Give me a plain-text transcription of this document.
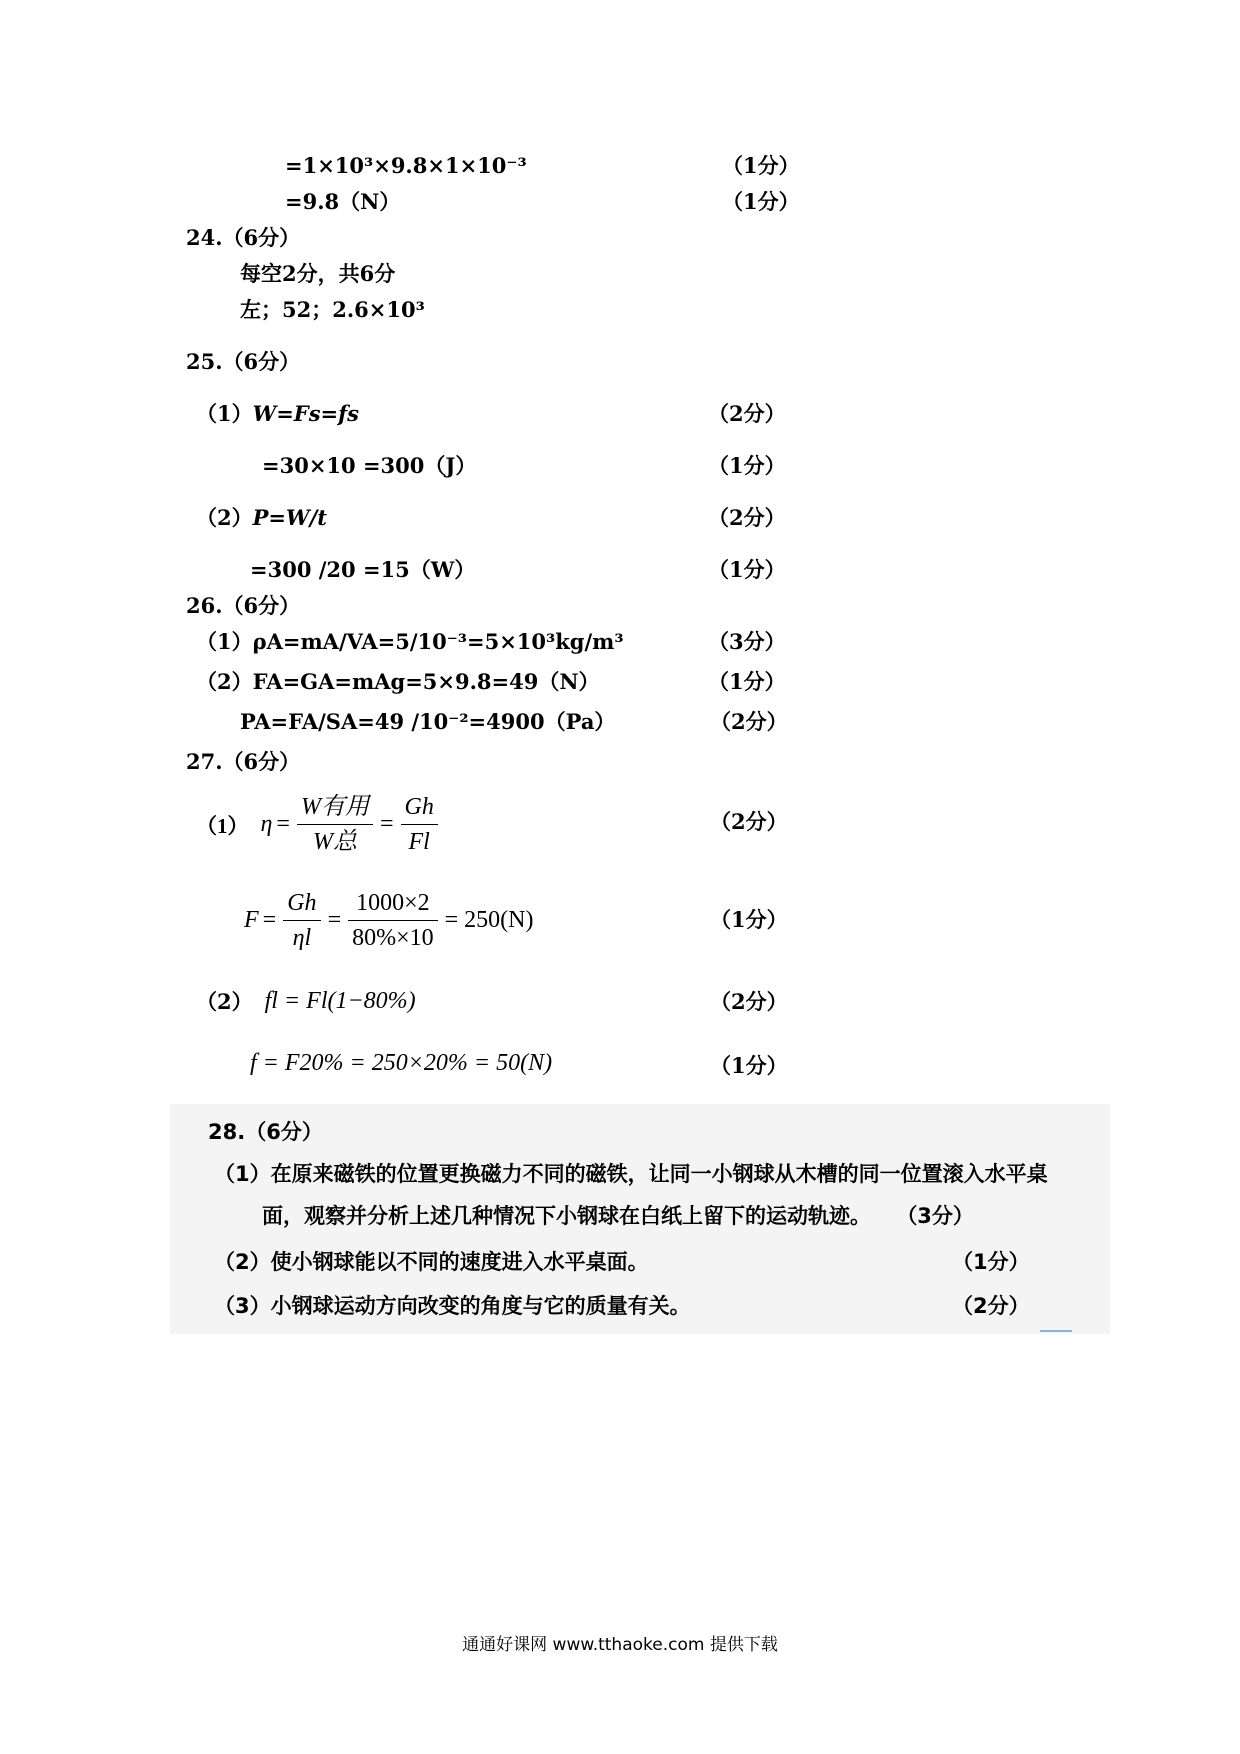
=1×10³×9.8×1×10⁻³	（1分）
=9.8（N）	（1分）
24.（6分）
每空2分，共6分
左；52；2.6×10³
25.（6分）
（1）W=Fs=fs	（2分）
=30×10 =300（J）	（1分）
（2）P=W/t	（2分）
=300 /20 =15（W）	（1分）
26.（6分）
（1）ρA=mA/VA=5/10⁻³=5×10³kg/m³	（3分）
（2）FA=GA=mAg=5×9.8=49（N）	（1分）
PA=FA/SA=49 /10⁻²=4900（Pa）	（2分）
27.（6分）
（1） $\eta = \frac{\text{W有用}}{\text{W总}} = \frac{Gh}{Fl}$	（2分）
$F = \frac{Gh}{\eta l} = \frac{1000\times 2}{80\%\times 10} = 250(N)$	（1分）
（2） fl = Fl(1−80%)	（2分）
f = F20% = 250×20% = 50(N)	（1分）
28.（6分）
（1）在原来磁铁的位置更换磁力不同的磁铁，让同一小钢球从木槽的同一位置滚入水平桌
面，观察并分析上述几种情况下小钢球在白纸上留下的运动轨迹。 （3分）
（2）使小钢球能以不同的速度进入水平桌面。	（1分）
（3）小钢球运动方向改变的角度与它的质量有关。	（2分）
通通好课网 www.tthaoke.com 提供下载
